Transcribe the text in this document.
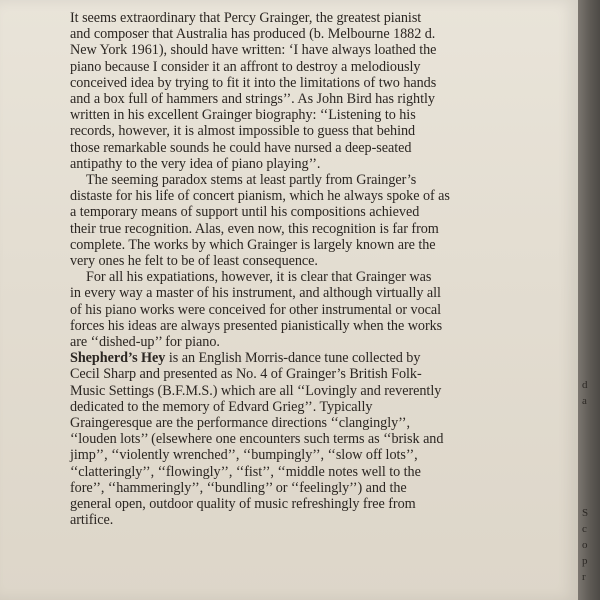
It seems extraordinary that Percy Grainger, the greatest pianist
and composer that Australia has produced (b. Melbourne 1882 d.
New York 1961), should have written: ‘I have always loathed the
piano because I consider it an affront to destroy a melodiously
conceived idea by trying to fit it into the limitations of two hands
and a box full of hammers and strings’’. As John Bird has rightly
written in his excellent Grainger biography: ‘‘Listening to his
records, however, it is almost impossible to guess that behind
those remarkable sounds he could have nursed a deep-seated
antipathy to the very idea of piano playing’’.

The seeming paradox stems at least partly from Grainger’s
distaste for his life of concert pianism, which he always spoke of as
a temporary means of support until his compositions achieved
their true recognition. Alas, even now, this recognition is far from
complete. The works by which Grainger is largely known are the
very ones he felt to be of least consequence.

For all his expatiations, however, it is clear that Grainger was
in every way a master of his instrument, and although virtually all
of his piano works were conceived for other instrumental or vocal
forces his ideas are always presented pianistically when the works
are ‘‘dished-up’’ for piano.

Shepherd’s Hey is an English Morris-dance tune collected by
Cecil Sharp and presented as No. 4 of Grainger’s British Folk-
Music Settings (B.F.M.S.) which are all ‘‘Lovingly and reverently
dedicated to the memory of Edvard Grieg’’. Typically
Graingeresque are the performance directions ‘‘clangingly’’,
‘‘louden lots’’ (elsewhere one encounters such terms as ‘‘brisk and
jimp’’, ‘‘violently wrenched’’, ‘‘bumpingly’’, ‘‘slow off lots’’,
‘‘clatteringly’’, ‘‘flowingly’’, ‘‘fist’’, ‘‘middle notes well to the
fore’’, ‘‘hammeringly’’, ‘‘bundling’’ or ‘‘feelingly’’) and the
general open, outdoor quality of music refreshingly free from
artifice.

d
a
S
c
o
p
r
